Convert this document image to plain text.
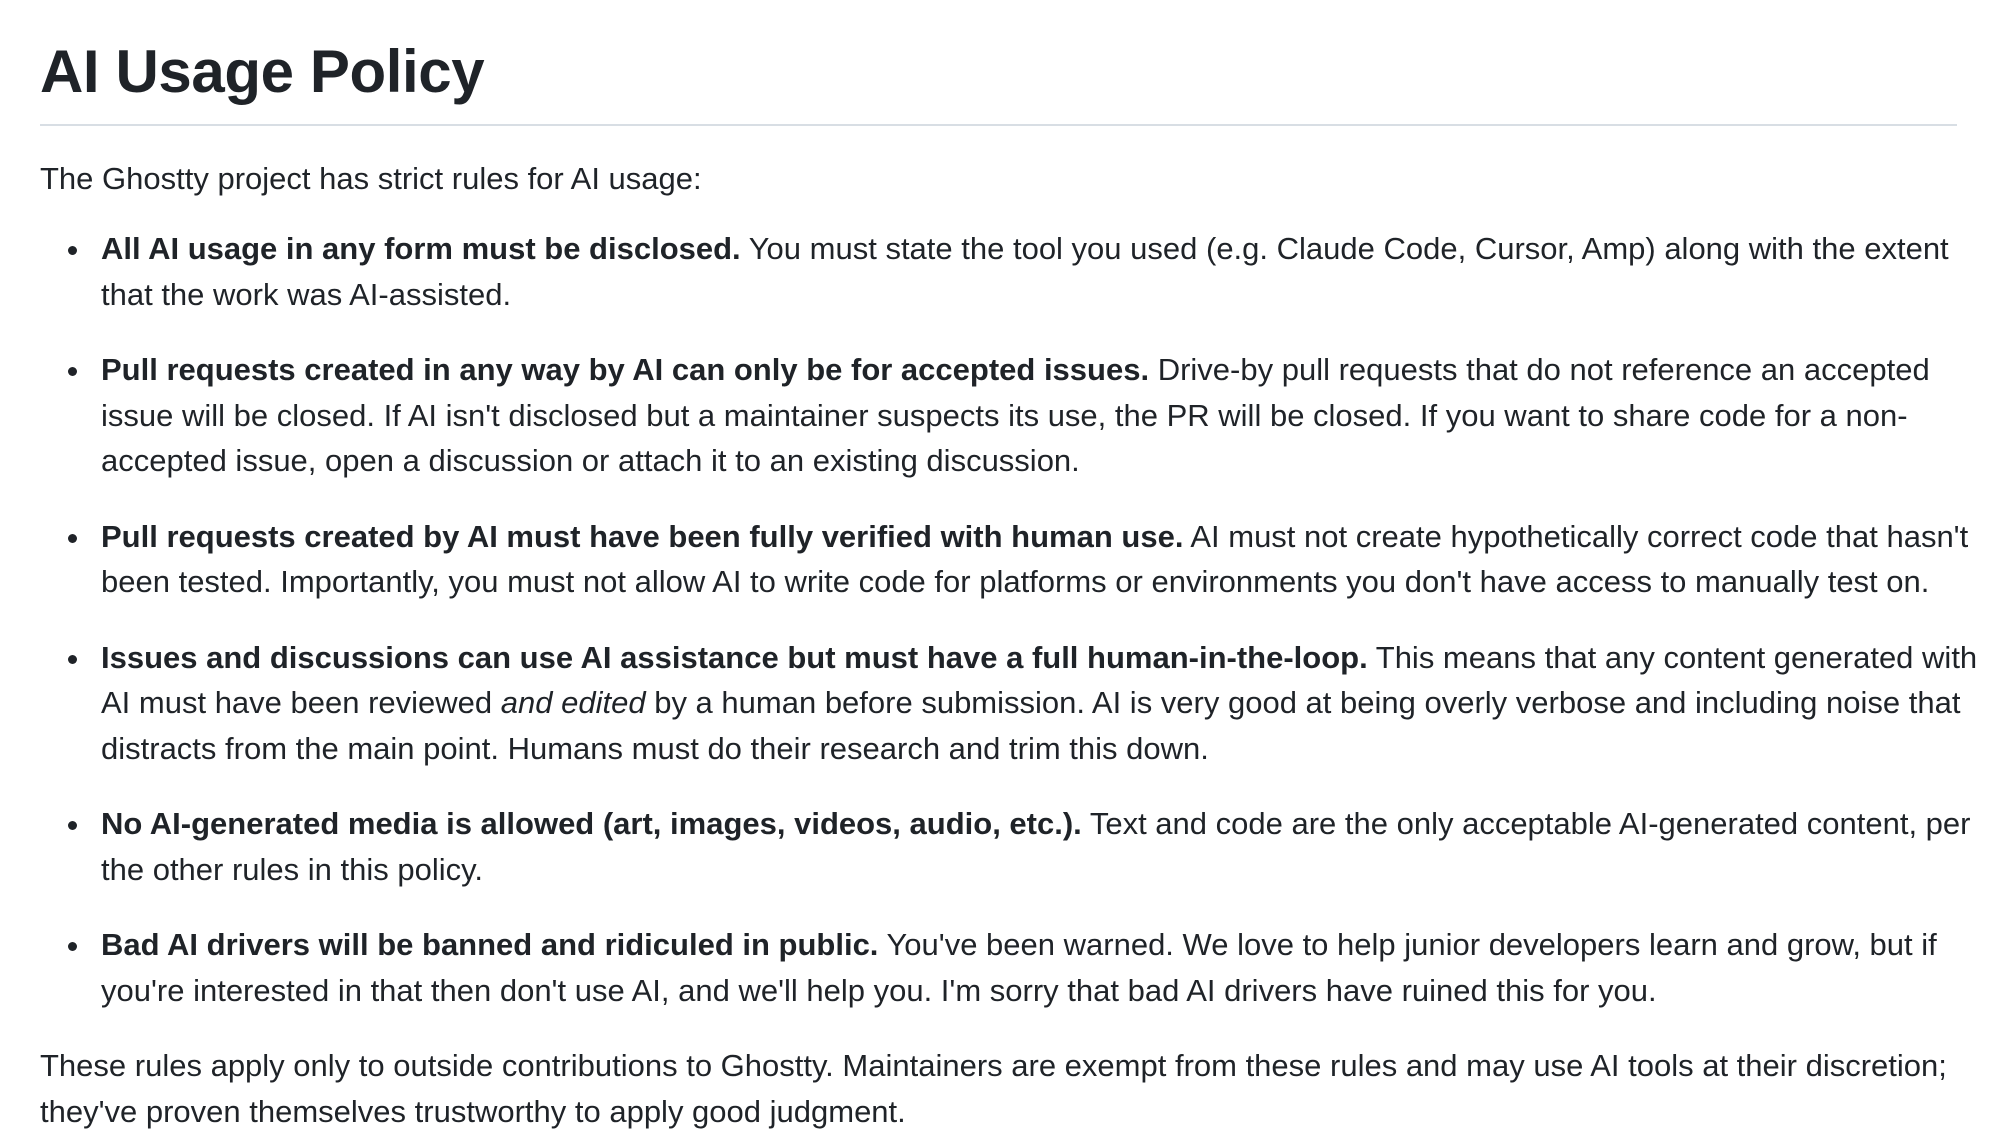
AI Usage Policy

The Ghostty project has strict rules for AI usage:

All AI usage in any form must be disclosed. You must state the tool you used (e.g. Claude Code, Cursor, Amp) along with the extent that the work was AI-assisted.
Pull requests created in any way by AI can only be for accepted issues. Drive-by pull requests that do not reference an accepted issue will be closed. If AI isn't disclosed but a maintainer suspects its use, the PR will be closed. If you want to share code for a non-accepted issue, open a discussion or attach it to an existing discussion.
Pull requests created by AI must have been fully verified with human use. AI must not create hypothetically correct code that hasn't been tested. Importantly, you must not allow AI to write code for platforms or environments you don't have access to manually test on.
Issues and discussions can use AI assistance but must have a full human-in-the-loop. This means that any content generated with AI must have been reviewed and edited by a human before submission. AI is very good at being overly verbose and including noise that distracts from the main point. Humans must do their research and trim this down.
No AI-generated media is allowed (art, images, videos, audio, etc.). Text and code are the only acceptable AI-generated content, per the other rules in this policy.
Bad AI drivers will be banned and ridiculed in public. You've been warned. We love to help junior developers learn and grow, but if you're interested in that then don't use AI, and we'll help you. I'm sorry that bad AI drivers have ruined this for you.

These rules apply only to outside contributions to Ghostty. Maintainers are exempt from these rules and may use AI tools at their discretion; they've proven themselves trustworthy to apply good judgment.
